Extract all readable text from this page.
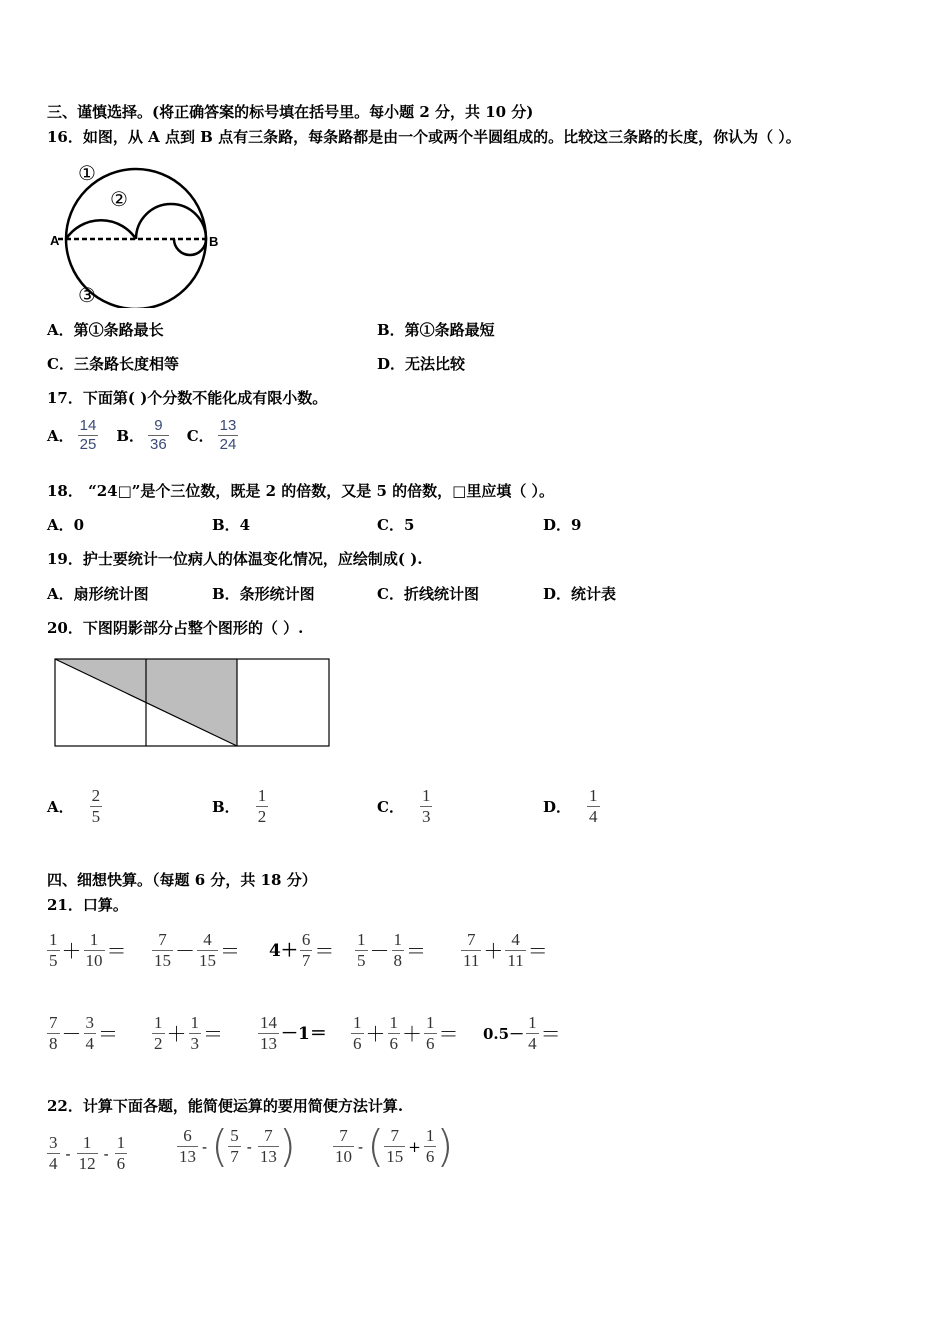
三、谨慎选择。(将正确答案的标号填在括号里。每小题 2 分，共 10 分)
16．如图，从 A 点到 B 点有三条路，每条路都是由一个或两个半圆组成的。比较这三条路的长度，你认为（ ）。
A	B
①
②
③
A．第①条路最长	B．第①条路最短
C．三条路长度相等	D．无法比较
17．下面第( )个分数不能化成有限小数。
A． $\frac{14}{25}$ B． $\frac{9}{36}$ C． $\frac{13}{24}$
18． “24□”是个三位数，既是 2 的倍数，又是 5 的倍数，□里应填（ ）。
A．0	B．4	C．5	D．9
19．护士要统计一位病人的体温变化情况，应绘制成( ).
A．扇形统计图	B．条形统计图	C．折线统计图	D．统计表
20．下图阴影部分占整个图形的（ ）.
A． $\frac{2}{5}$	B． $\frac{1}{2}$	C． $\frac{1}{3}$	D． $\frac{1}{4}$
四、细想快算。（每题 6 分，共 18 分）
21．口算。
$\frac{1}{5} + \frac{1}{10} = \frac{7}{15} - \frac{4}{15} = 4+ \frac{6}{7} = \frac{1}{5} - \frac{1}{8} = \frac{7}{11} + \frac{4}{11}$ ＝
$\frac{7}{8} - \frac{3}{4} = \frac{1}{2} + \frac{1}{3} = \frac{14}{13} -1= \frac{1}{6} + \frac{1}{6} + \frac{1}{6} = 0.5- \frac{1}{4}$ ＝
22．计算下面各题，能简便运算的要用简便方法计算.
$\frac{3}{4} - \frac{1}{12} - \frac{1}{6}$	$\frac{6}{13}$ - ( $\frac{5}{7} - \frac{7}{13}$ ) $\frac{7}{10}$ - ( $\frac{7}{15} + \frac{1}{6}$ )
